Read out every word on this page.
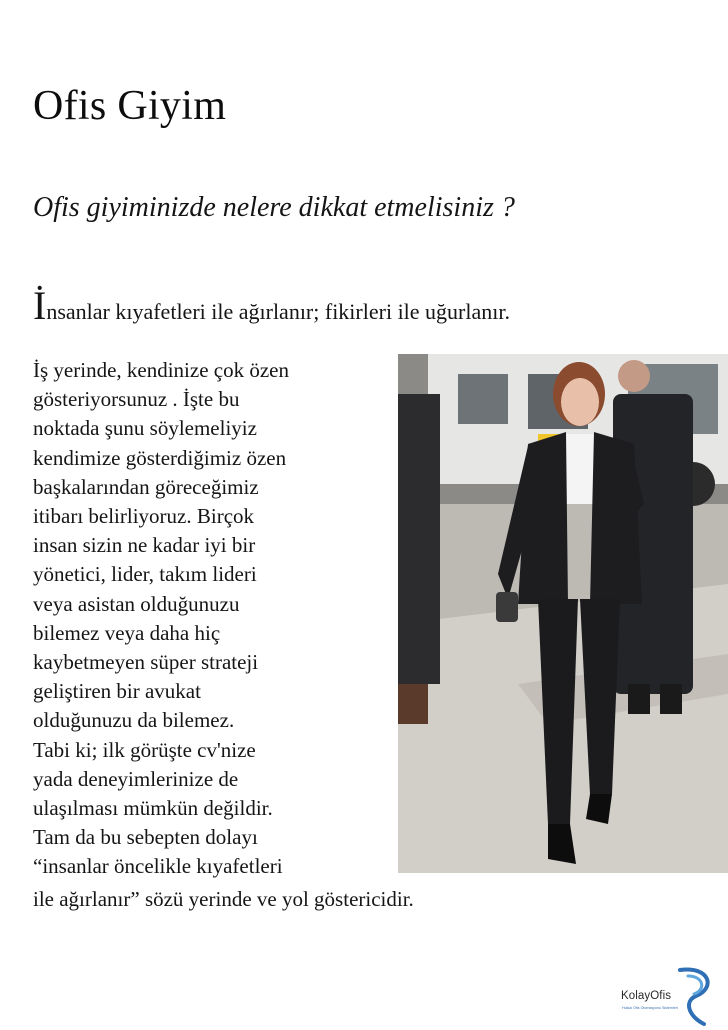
Ofis Giyim
Ofis giyiminizde nelere dikkat etmelisiniz ?

İnsanlar kıyafetleri ile ağırlanır; fikirleri ile uğurlanır.

İş yerinde, kendinize çok özen
gösteriyorsunuz . İşte bu
noktada şunu söylemeliyiz
kendimize gösterdiğimiz özen
başkalarından göreceğimiz
itibarı belirliyoruz. Birçok
insan sizin ne kadar iyi bir
yönetici, lider, takım lideri
veya asistan olduğunuzu
bilemez veya daha hiç
kaybetmeyen süper strateji
geliştiren bir avukat
olduğunuzu da bilemez.
Tabi ki; ilk görüşte cv'nize
yada deneyimlerinize de
ulaşılması mümkün değildir.
Tam da bu sebepten dolayı
“insanlar öncelikle kıyafetleri
ile ağırlanır” sözü yerinde ve yol göstericidir.
KolayOfis
Hukuk Ofis Otomasyonu Sistemleri
